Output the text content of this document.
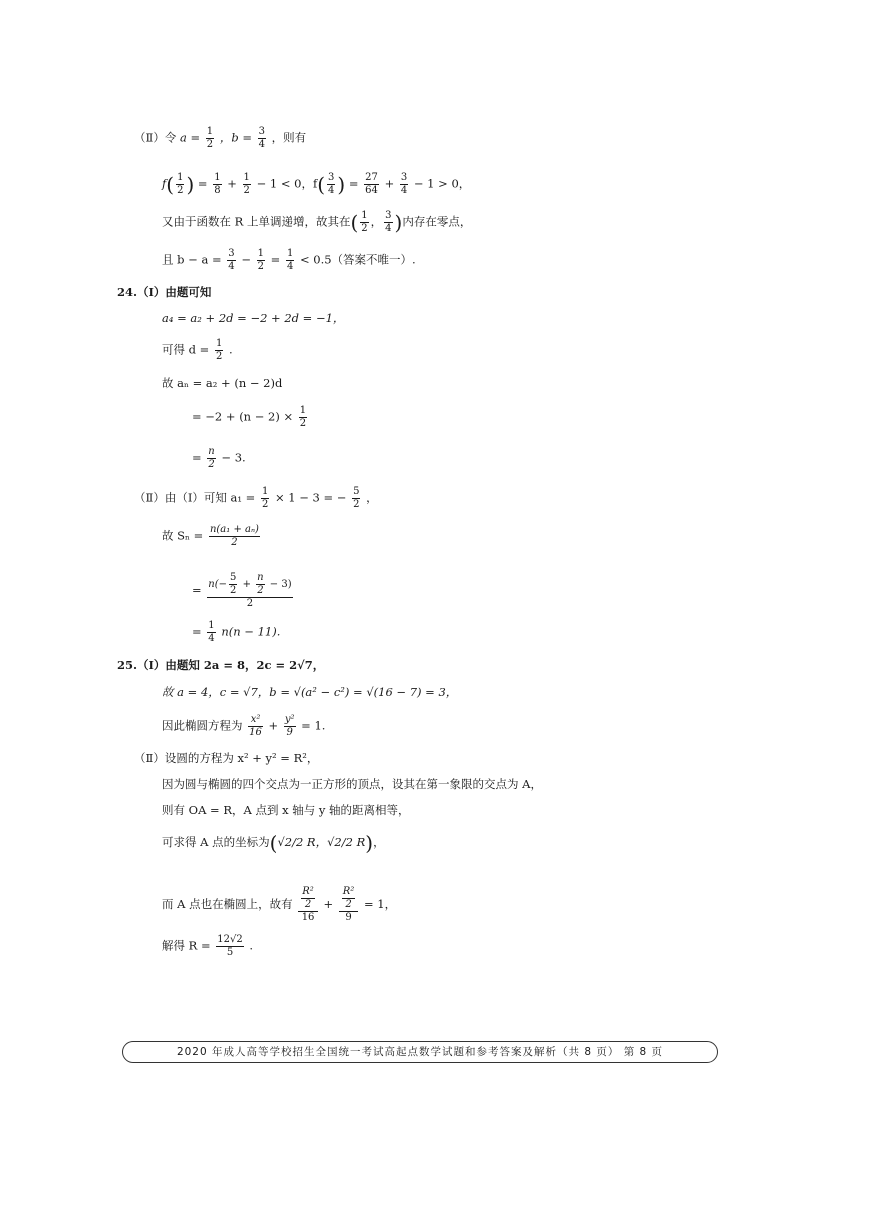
（Ⅱ）令 $a = \frac{1}{2}$ ，$b = \frac{3}{4}$ ，则有
$f( \frac{1}{2}$ ) = $\frac{1}{8} + \frac{1}{2} - 1 < 0$，$f( \frac{3}{4}$ ) = $\frac{27}{64} + \frac{3}{4} - 1 > 0$，
又由于函数在 R 上单调递增，故其在( $\frac{1}{2}$ ， $\frac{3}{4}$ )内存在零点，
且 $b - a = \frac{3}{4} - \frac{1}{2} = \frac{1}{4} < 0.5$（答案不唯一）.
24.（Ⅰ）由题可知
a₄ = a₂ + 2d = −2 + 2d = −1，
可得 $d = \frac{1}{2}$ .
故 aₙ = a₂ + (n − 2)d
= $-2 + (n - 2) \times \frac{1}{2}$
= $\frac{n}{2} - 3$.
（Ⅱ）由（Ⅰ）可知 $a_1 = \frac{1}{2} \times 1 - 3$ = − $\frac{5}{2}$ ，
故 $S_n = \frac{\text{n(a₁ + aₙ)}}{2}$
= $\frac{n(- \frac{5}{2} + \frac{n}{2} - 3)}{2}$
= $\frac{1}{4} n(n - 11)$.
25.（Ⅰ）由题知 2a = 8，2c = 2√7，
故 a = 4，c = √7，b = √(a² − c²) = √(16 − 7) = 3，
因此椭圆方程为 $\frac{\text{x²}}{16} + \frac{\text{y²}}{9} = 1$.
（Ⅱ）设圆的方程为 x² + y² = R²，
因为圆与椭圆的四个交点为一正方形的顶点，设其在第一象限的交点为 A，
则有 OA = R，A 点到 x 轴与 y 轴的距离相等，
可求得 A 点的坐标为(√2/2 R，√2/2 R)，
而 A 点也在椭圆上，故有 $\frac{\frac{\text{R²}}{2}}{16} + \frac{\frac{\text{R²}}{2}}{9} = 1$，
解得 $R = \frac{12√2}{5}$ .
2020 年成人高等学校招生全国统一考试高起点数学试题和参考答案及解析（共 8 页） 第 8 页
